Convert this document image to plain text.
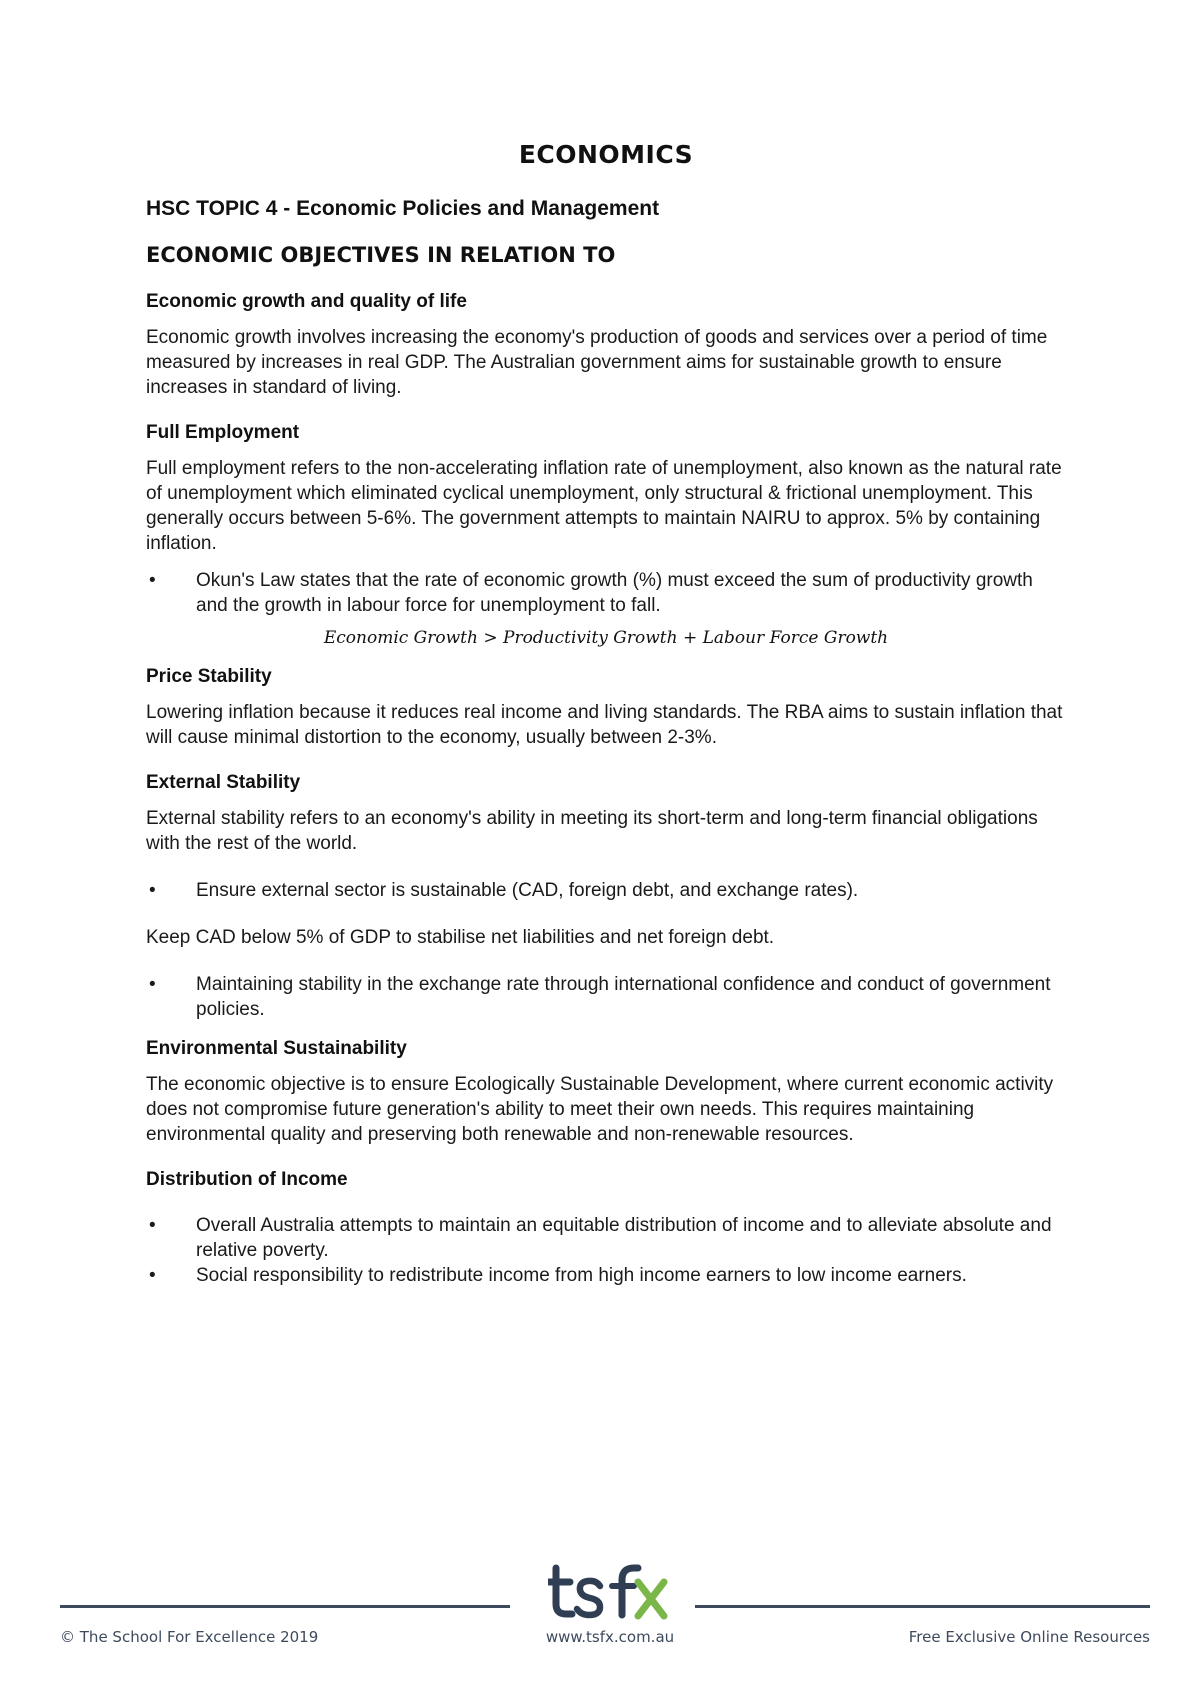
ECONOMICS
HSC TOPIC 4 - Economic Policies and Management
ECONOMIC OBJECTIVES IN RELATION TO
Economic growth and quality of life

Economic growth involves increasing the economy's production of goods and services over a period of time measured by increases in real GDP. The Australian government aims for sustainable growth to ensure increases in standard of living.

Full Employment

Full employment refers to the non-accelerating inflation rate of unemployment, also known as the natural rate of unemployment which eliminated cyclical unemployment, only structural & frictional unemployment. This generally occurs between 5-6%. The government attempts to maintain NAIRU to approx. 5% by containing inflation.

• Okun's Law states that the rate of economic growth (%) must exceed the sum of productivity growth and the growth in labour force for unemployment to fall.
Economic Growth > Productivity Growth + Labour Force Growth
Price Stability

Lowering inflation because it reduces real income and living standards. The RBA aims to sustain inflation that will cause minimal distortion to the economy, usually between 2-3%.

External Stability

External stability refers to an economy's ability in meeting its short-term and long-term financial obligations with the rest of the world.

• Ensure external sector is sustainable (CAD, foreign debt, and exchange rates).

Keep CAD below 5% of GDP to stabilise net liabilities and net foreign debt.

• Maintaining stability in the exchange rate through international confidence and conduct of government policies.
Environmental Sustainability

The economic objective is to ensure Ecologically Sustainable Development, where current economic activity does not compromise future generation's ability to meet their own needs. This requires maintaining environmental quality and preserving both renewable and non-renewable resources.

Distribution of Income
• Overall Australia attempts to maintain an equitable distribution of income and to alleviate absolute and relative poverty.
• Social responsibility to redistribute income from high income earners to low income earners.
© The School For Excellence 2019	www.tsfx.com.au	Free Exclusive Online Resources
